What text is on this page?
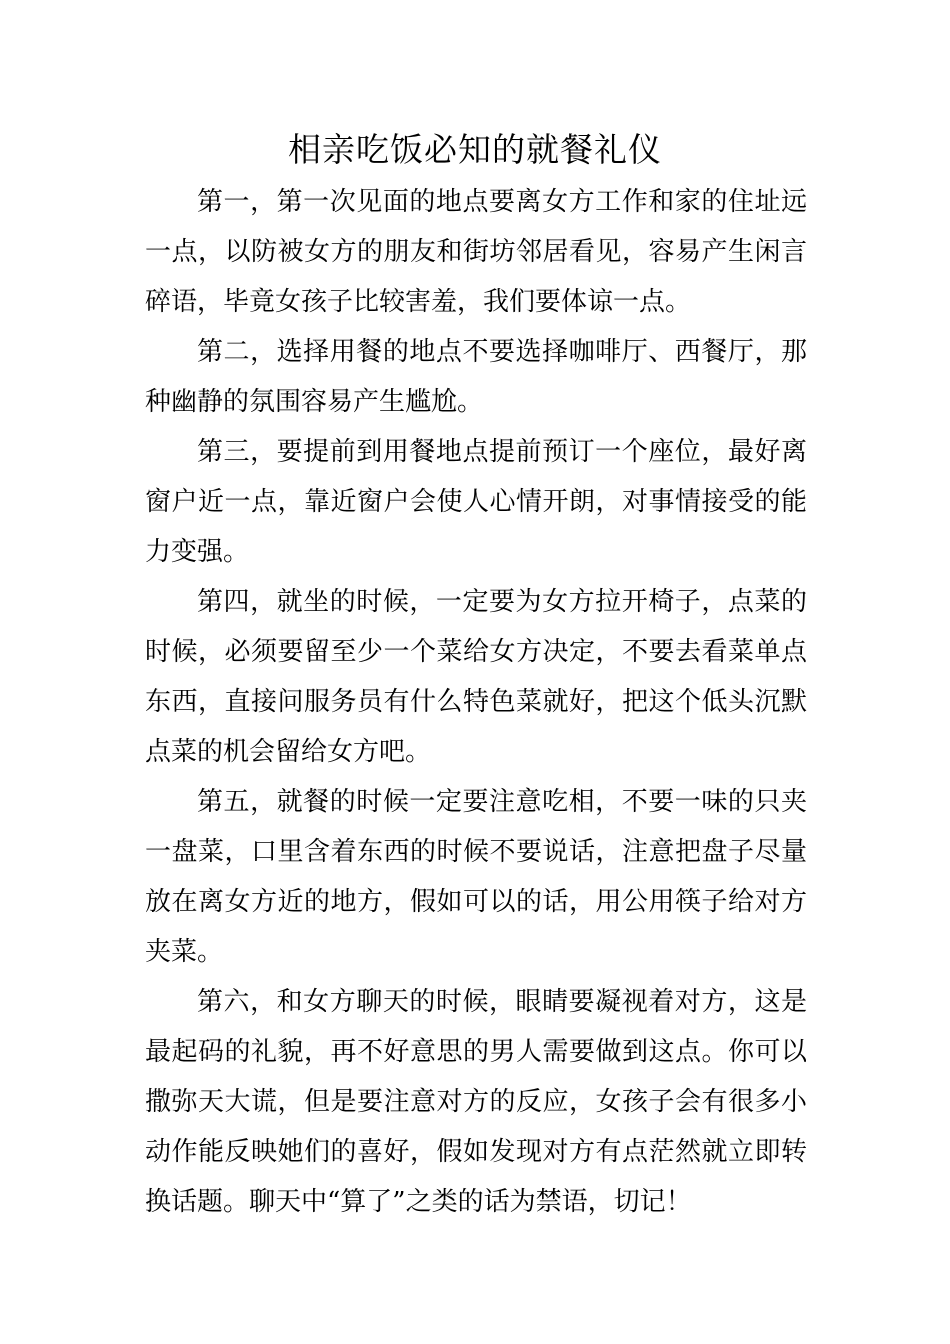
相亲吃饭必知的就餐礼仪

第一，第一次见面的地点要离女方工作和家的住址远一点，以防被女方的朋友和街坊邻居看见，容易产生闲言碎语，毕竟女孩子比较害羞，我们要体谅一点。

第二，选择用餐的地点不要选择咖啡厅、西餐厅，那种幽静的氛围容易产生尴尬。

第三，要提前到用餐地点提前预订一个座位，最好离窗户近一点，靠近窗户会使人心情开朗，对事情接受的能力变强。

第四，就坐的时候，一定要为女方拉开椅子，点菜的时候，必须要留至少一个菜给女方决定，不要去看菜单点东西，直接问服务员有什么特色菜就好，把这个低头沉默点菜的机会留给女方吧。

第五，就餐的时候一定要注意吃相，不要一味的只夹一盘菜，口里含着东西的时候不要说话，注意把盘子尽量放在离女方近的地方，假如可以的话，用公用筷子给对方夹菜。

第六，和女方聊天的时候，眼睛要凝视着对方，这是最起码的礼貌，再不好意思的男人需要做到这点。你可以撒弥天大谎，但是要注意对方的反应，女孩子会有很多小动作能反映她们的喜好，假如发现对方有点茫然就立即转换话题。聊天中“算了”之类的话为禁语，切记！
